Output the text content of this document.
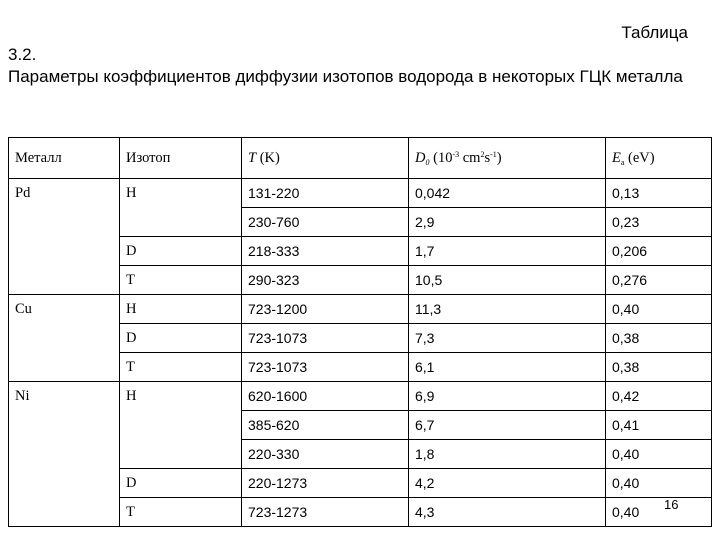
Таблица
3.2.
Параметры коэффициентов диффузии изотопов водорода в некоторых ГЦК металла
Металл	Изотоп	T (K)	$D_0$ ($10^{-3}$ $cm^2s^{-1}$)	$E_a$ (eV)
Pd	H	131-220	0,042	0,13
		230-760	2,9	0,23
	D	218-333	1,7	0,206
	T	290-323	10,5	0,276
Cu	H	723-1200	11,3	0,40
	D	723-1073	7,3	0,38
	T	723-1073	6,1	0,38
Ni	H	620-1600	6,9	0,42
		385-620	6,7	0,41
		220-330	1,8	0,40
	D	220-1273	4,2	0,40
	T	723-1273	4,3	0,40 16
